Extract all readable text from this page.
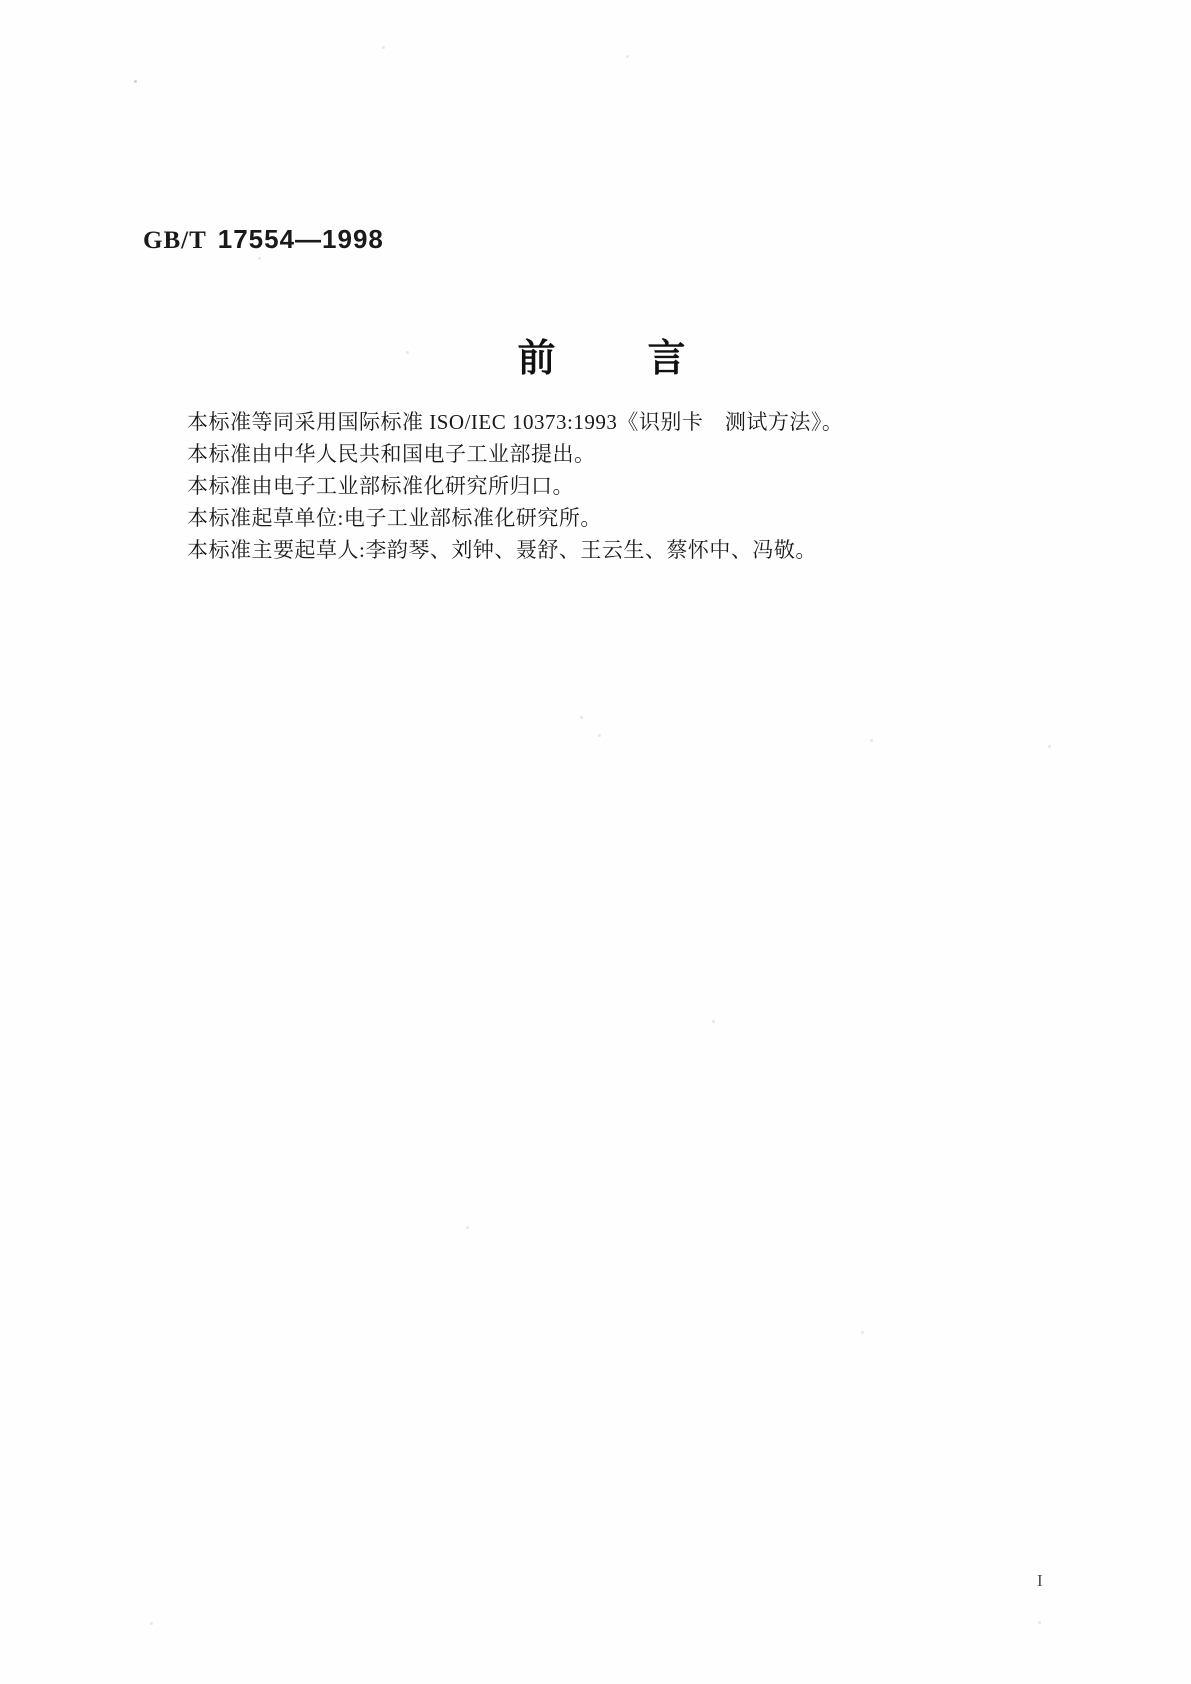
GB/T 17554—1998
前 言

本标准等同采用国际标准 ISO/IEC 10373:1993《识别卡　测试方法》。

本标准由中华人民共和国电子工业部提出。

本标准由电子工业部标准化研究所归口。

本标准起草单位:电子工业部标准化研究所。

本标准主要起草人:李韵琴、刘钟、聂舒、王云生、蔡怀中、冯敬。

I
